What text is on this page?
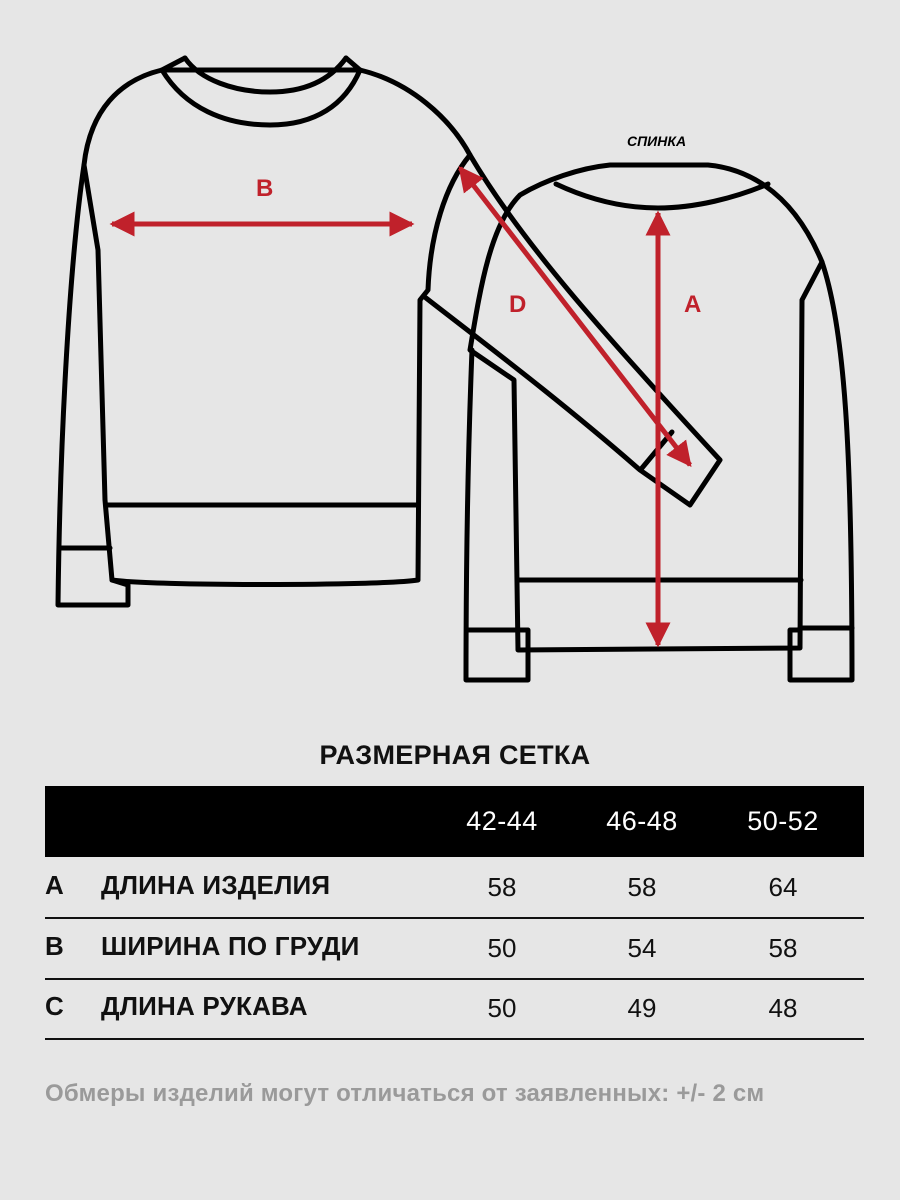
B
D	A
СПИНКА
РАЗМЕРНАЯ СЕТКА
42-44	46-48	50-52
A ДЛИНА ИЗДЕЛИЯ	58	58	64
B ШИРИНА ПО ГРУДИ	50	54	58
C ДЛИНА РУКАВА	50	49	48
Обмеры изделий могут отличаться от заявленных: +/- 2 см
